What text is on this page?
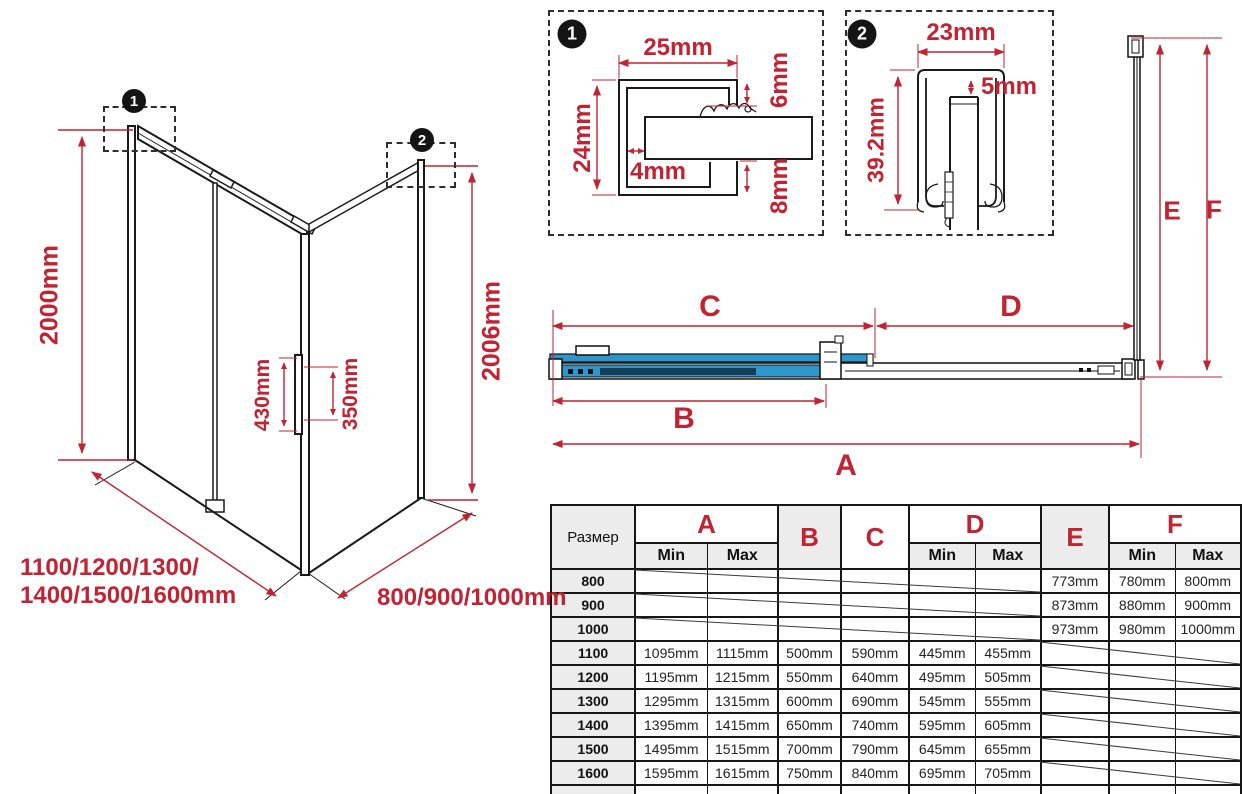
1
2
1	2
2000mm	2006mm
430mm	350mm
1100/1200/1300/
1400/1500/1600mm	800/900/1000mm
25mm
24mm 4mm
6mm
8mm
23mm
39.2mm
5mm
C	D
B
A
E F
Размер	A		B	C	D		E	F	
	Min	Max			Min	Max		Min	Max
800							773mm	780mm	800mm
900							873mm	880mm	900mm
1000							973mm	980mm	1000mm
1100	1095mm	1115mm	500mm	590mm	445mm	455mm			
1200	1195mm	1215mm	550mm	640mm	495mm	505mm			
1300	1295mm	1315mm	600mm	690mm	545mm	555mm			
1400	1395mm	1415mm	650mm	740mm	595mm	605mm			
1500	1495mm	1515mm	700mm	790mm	645mm	655mm			
1600	1595mm	1615mm	750mm	840mm	695mm	705mm			
